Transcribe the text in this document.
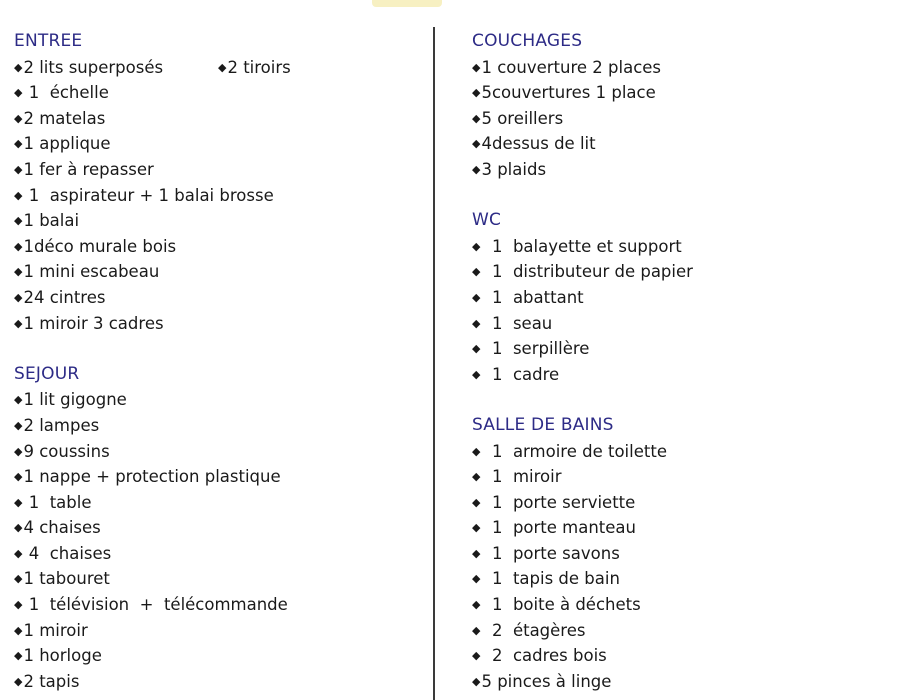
ENTREE
◆2 lits superposés	◆2 tiroirs
◆ 1  échelle
◆2 matelas
◆1 applique
◆1 fer à repasser
◆ 1  aspirateur + 1 balai brosse
◆1 balai
◆1déco murale bois
◆1 mini escabeau
◆24 cintres
◆1 miroir 3 cadres
SEJOUR
◆1 lit gigogne
◆2 lampes
◆9 coussins
◆1 nappe + protection plastique
◆ 1  table
◆4 chaises
◆ 4  chaises
◆1 tabouret
◆ 1  télévision  +  télécommande
◆1 miroir
◆1 horloge
◆2 tapis
COUCHAGES
◆1 couverture 2 places
◆5couvertures 1 place
◆5 oreillers
◆4dessus de lit
◆3 plaids
WC
◆  1  balayette et support
◆  1  distributeur de papier
◆  1  abattant
◆  1  seau
◆  1  serpillère
◆  1  cadre
SALLE DE BAINS
◆  1  armoire de toilette
◆  1  miroir
◆  1  porte serviette
◆  1  porte manteau
◆  1  porte savons
◆  1  tapis de bain
◆  1  boite à déchets
◆  2  étagères
◆  2  cadres bois
◆5 pinces à linge
